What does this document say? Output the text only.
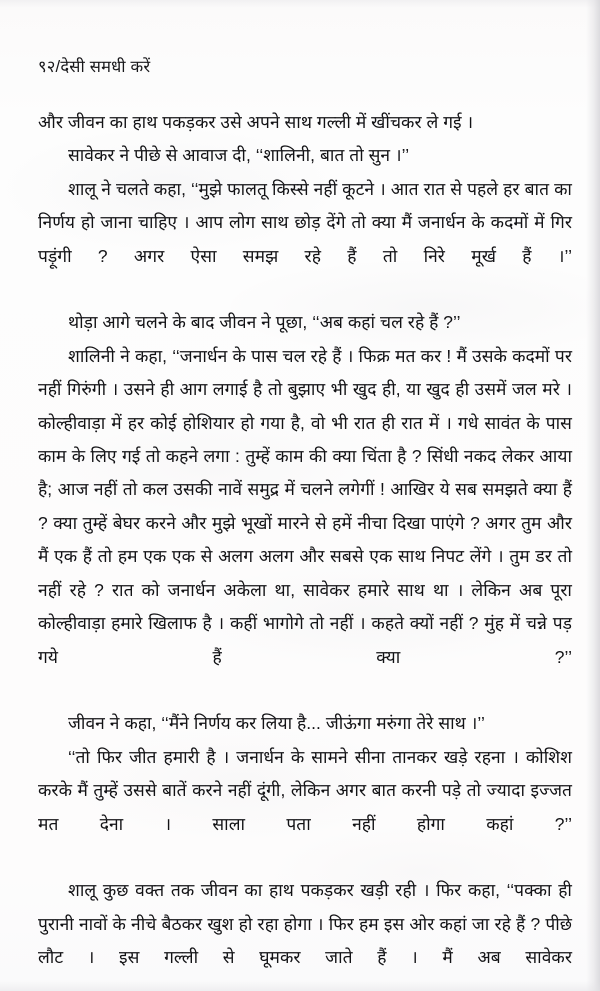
९२/देसी समधी करें

और जीवन का हाथ पकड़कर उसे अपने साथ गल्ली में खींचकर ले गई ।

सावेकर ने पीछे से आवाज दी, ‘‘शालिनी, बात तो सुन ।’’

शालू ने चलते कहा, ‘‘मुझे फालतू किस्से नहीं कूटने । आत रात से पहले हर बात का निर्णय हो जाना चाहिए । आप लोग साथ छोड़ देंगे तो क्या मैं जनार्धन के कदमों में गिर पड़ूंगी ? अगर ऐसा समझ रहे हैं तो निरे मूर्ख हैं ।’’

थोड़ा आगे चलने के बाद जीवन ने पूछा, ‘‘अब कहां चल रहे हैं ?’’

शालिनी ने कहा, ‘‘जनार्धन के पास चल रहे हैं । फिक्र मत कर ! मैं उसके कदमों पर नहीं गिरुंगी । उसने ही आग लगाई है तो बुझाए भी खुद ही, या खुद ही उसमें जल मरे । कोल्हीवाड़ा में हर कोई होशियार हो गया है, वो भी रात ही रात में । गधे सावंत के पास काम के लिए गई तो कहने लगा : तुम्हें काम की क्या चिंता है ? सिंधी नकद लेकर आया है; आज नहीं तो कल उसकी नावें समुद्र में चलने लगेगीं ! आखिर ये सब समझते क्या हैं ? क्या तुम्हें बेघर करने और मुझे भूखों मारने से हमें नीचा दिखा पाएंगे ? अगर तुम और मैं एक हैं तो हम एक एक से अलग अलग और सबसे एक साथ निपट लेंगे । तुम डर तो नहीं रहे ? रात को जनार्धन अकेला था, सावेकर हमारे साथ था । लेकिन अब पूरा कोल्हीवाड़ा हमारे खिलाफ है । कहीं भागोगे तो नहीं । कहते क्यों नहीं ? मुंह में चन्ने पड़ गये हैं क्या ?’’

जीवन ने कहा, ‘‘मैंने निर्णय कर लिया है... जीऊंगा मरुंगा तेरे साथ ।’’

‘‘तो फिर जीत हमारी है । जनार्धन के सामने सीना तानकर खड़े रहना । कोशिश करके मैं तुम्हें उससे बातें करने नहीं दूंगी, लेकिन अगर बात करनी पड़े तो ज्यादा इज्जत मत देना । साला पता नहीं होगा कहां ?’’

शालू कुछ वक्त तक जीवन का हाथ पकड़कर खड़ी रही । फिर कहा, ‘‘पक्का ही पुरानी नावों के नीचे बैठकर खुश हो रहा होगा । फिर हम इस ओर कहां जा रहे हैं ? पीछे लौट । इस गल्ली से घूमकर जाते हैं । मैं अब सावेकर
